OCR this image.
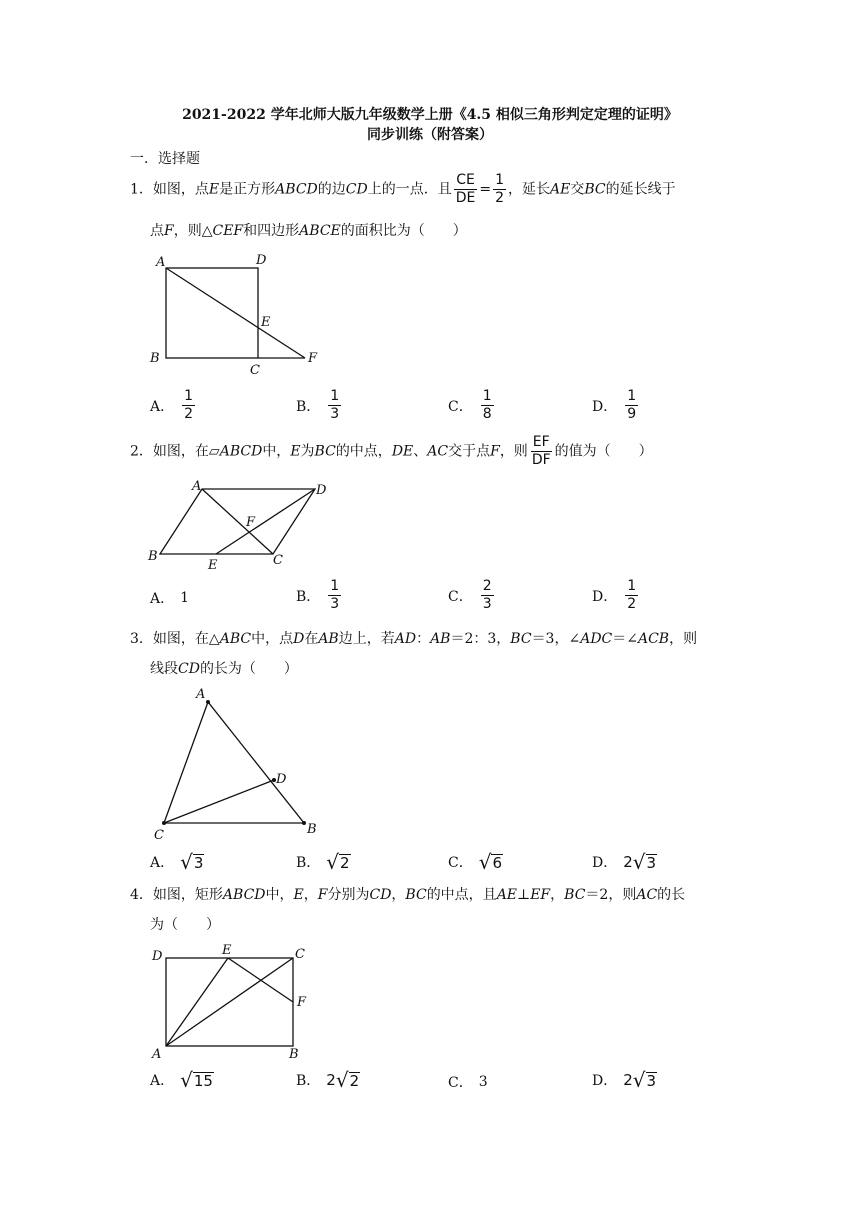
2021-2022 学年北师大版九年级数学上册《4.5 相似三角形判定定理的证明》
同步训练（附答案）
一．选择题
1．如图，点E是正方形ABCD的边CD上的一点．且 $\frac{CE}{DE} = \frac{1}{2}$ ，延长AE交BC的延长线于
点F，则△CEF和四边形ABCE的面积比为（　　）
A	D
E
B
C
F
A． $\frac{1}{2}$	B． $\frac{1}{3}$	C． $\frac{1}{8}$	D． $\frac{1}{9}$
2．如图，在▱ABCD中，E为BC的中点，DE、AC交于点F，则 $\frac{EF}{DF}$ 的值为（　　）
A	D
F
B
E	C
A． 1	B． $\frac{1}{3}$	C． $\frac{2}{3}$	D． $\frac{1}{2}$
3．如图，在△ABC中，点D在AB边上，若AD：AB＝2：3，BC＝3，∠ADC＝∠ACB，则
线段CD的长为（　　）
A
D
C	B
A． √ 3	B． √ 2	C． √ 6	D． 2 √ 3
4．如图，矩形ABCD中，E，F分别为CD，BC的中点，且AE⊥EF，BC＝2，则AC的长
为（　　）
D	E	C
F
A	B
A． √ 15	B． 2 √ 2	C． 3	D． 2 √ 3
